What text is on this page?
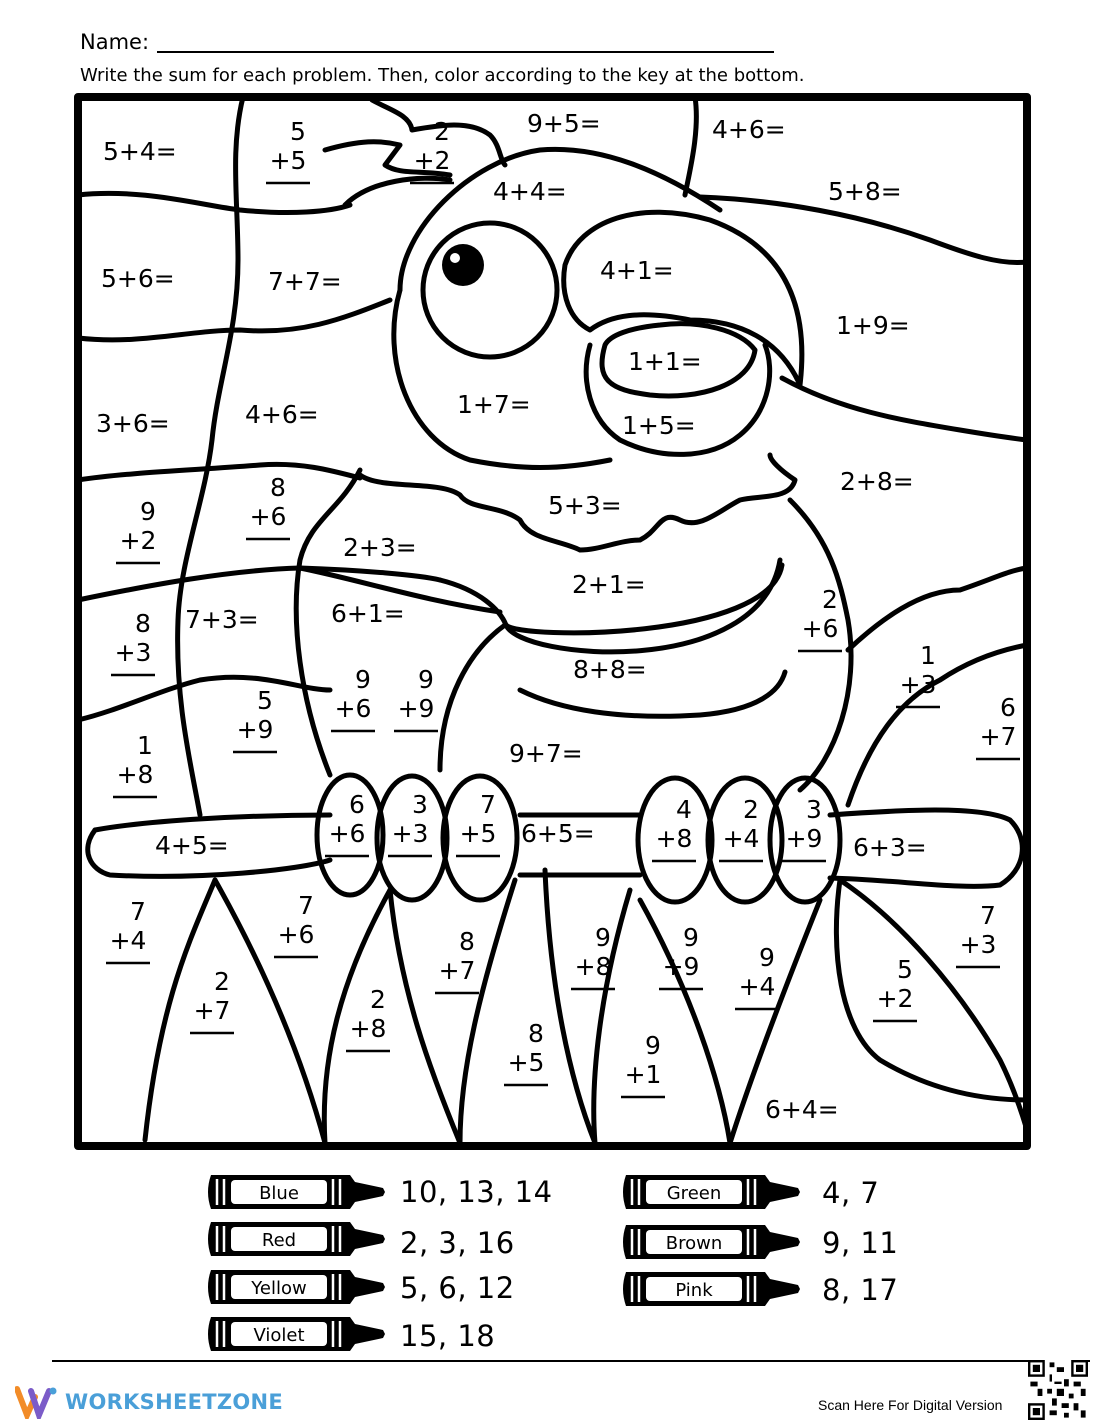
Name:
Write the sum for each problem. Then, color according to the key at the bottom.
5+4=
5
+5
2
+2
9+5=	4+6=
4+4=	5+8=
5+6=	7+7=	4+1=
1+9=
1+1=
3+6=	4+6=	1+7=
1+5=
2+8=
9
+2
8
+6	5+3=
2+3=
2+1=
8
+3
7+3=	6+1=	2
+6
1
+3
5
+9
9
+6
9
+9
8+8=
6
+7
1
+8
9+7=
6
+6
3
+3
7
+5 6+5=
4
+8
2
+4
3
+9
4+5=	6+3=
7
+4
7
+6	8
+7
9
+8
9
+9 9
+4
7
+3
2
+7	2
+8	8
+5
9
+1
5
+2
6+4=
Blue
Red
Yellow
Violet
Green
Brown
Pink
10, 13, 14
2, 3, 16
5, 6, 12
15, 18
4, 7
9, 11
8, 17
WORKSHEETZONE	Scan Here For Digital Version
